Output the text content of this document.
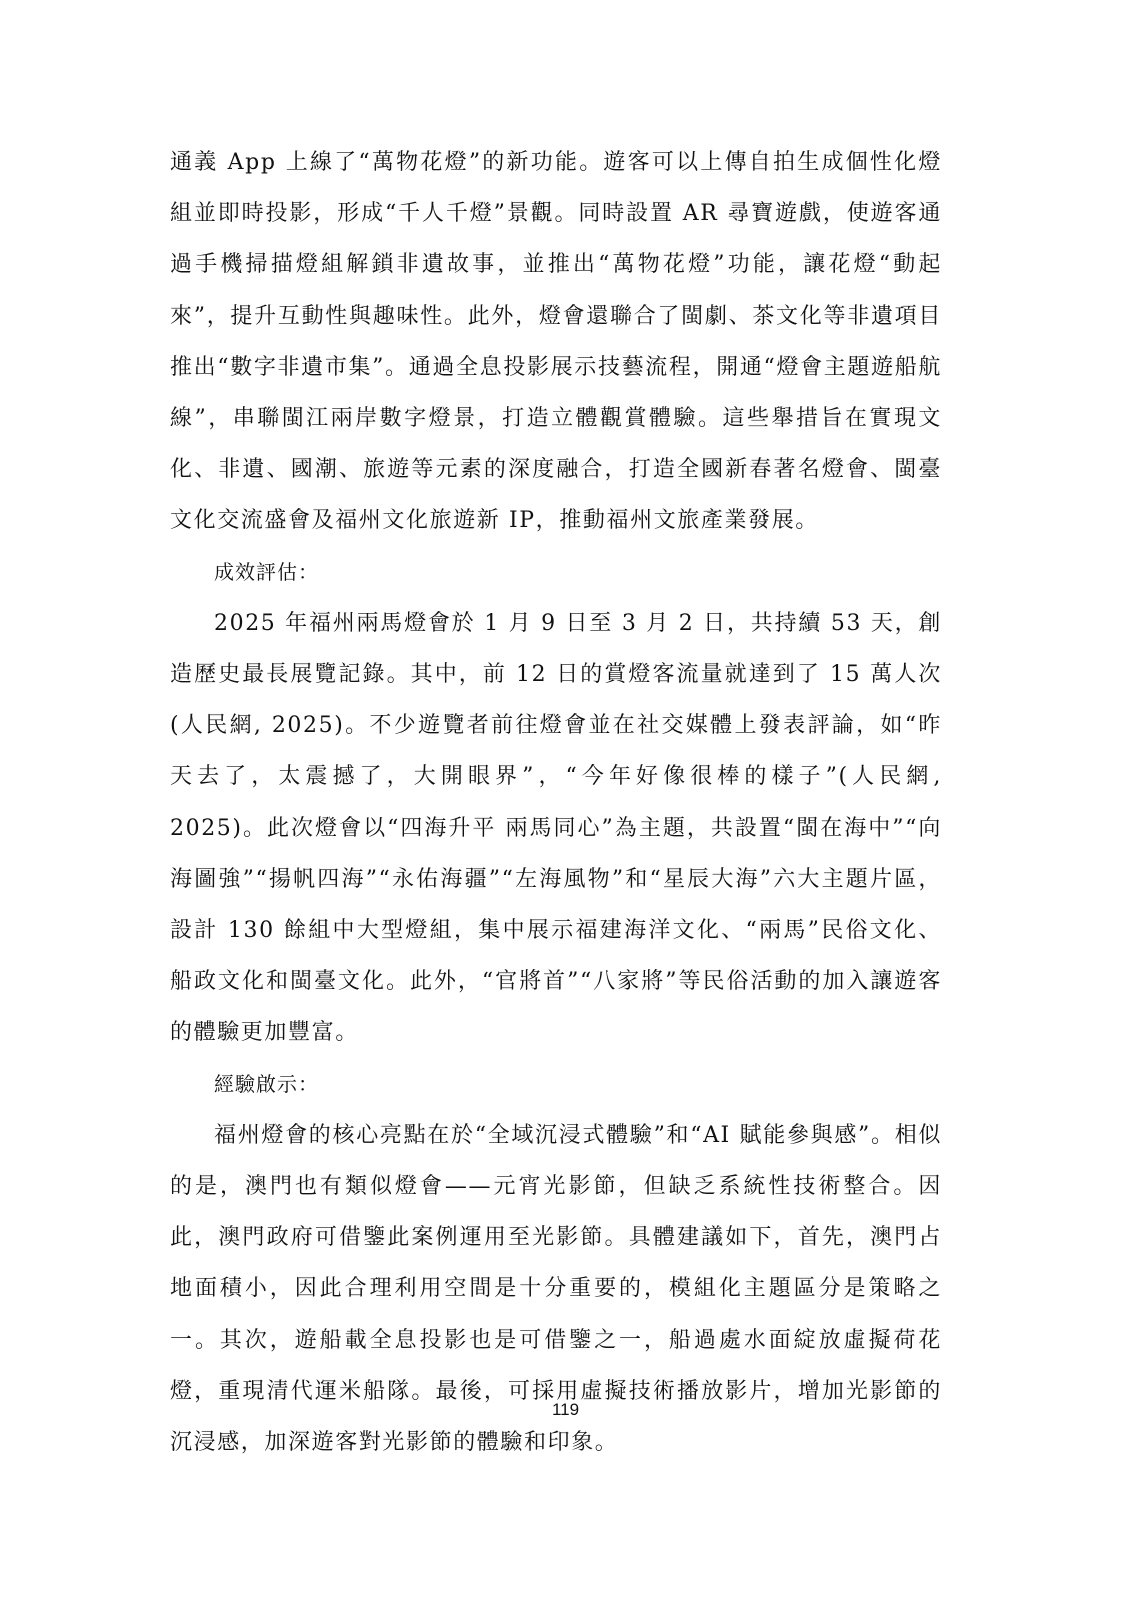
通義 App 上線了“萬物花燈”的新功能。遊客可以上傳自拍生成個性化燈組並即時投影，形成“千人千燈”景觀。同時設置 AR 尋寶遊戲，使遊客通過手機掃描燈組解鎖非遺故事，並推出“萬物花燈”功能，讓花燈“動起來”，提升互動性與趣味性。此外，燈會還聯合了閩劇、茶文化等非遺項目推出“數字非遺市集”。通過全息投影展示技藝流程，開通“燈會主題遊船航線”，串聯閩江兩岸數字燈景，打造立體觀賞體驗。這些舉措旨在實現文化、非遺、國潮、旅遊等元素的深度融合，打造全國新春著名燈會、閩臺文化交流盛會及福州文化旅遊新 IP，推動福州文旅產業發展。

成效評估：

2025 年福州兩馬燈會於 1 月 9 日至 3 月 2 日，共持續 53 天，創造歷史最長展覽記錄。其中，前 12 日的賞燈客流量就達到了 15 萬人次(人民網, 2025)。不少遊覽者前往燈會並在社交媒體上發表評論，如“昨天去了，太震撼了，大開眼界”，“今年好像很棒的樣子”(人民網, 2025)。此次燈會以“四海升平 兩馬同心”為主題，共設置“閩在海中”“向海圖強”“揚帆四海”“永佑海疆”“左海風物”和“星辰大海”六大主題片區，設計 130 餘組中大型燈組，集中展示福建海洋文化、“兩馬”民俗文化、船政文化和閩臺文化。此外，“官將首”“八家將”等民俗活動的加入讓遊客的體驗更加豐富。

經驗啟示：

福州燈會的核心亮點在於“全域沉浸式體驗”和“AI 賦能參與感”。相似的是，澳門也有類似燈會——元宵光影節，但缺乏系統性技術整合。因此，澳門政府可借鑒此案例運用至光影節。具體建議如下，首先，澳門占地面積小，因此合理利用空間是十分重要的，模組化主題區分是策略之一。其次，遊船載全息投影也是可借鑒之一，船過處水面綻放虛擬荷花燈，重現清代運米船隊。最後，可採用虛擬技術播放影片，增加光影節的沉浸感，加深遊客對光影節的體驗和印象。

119
